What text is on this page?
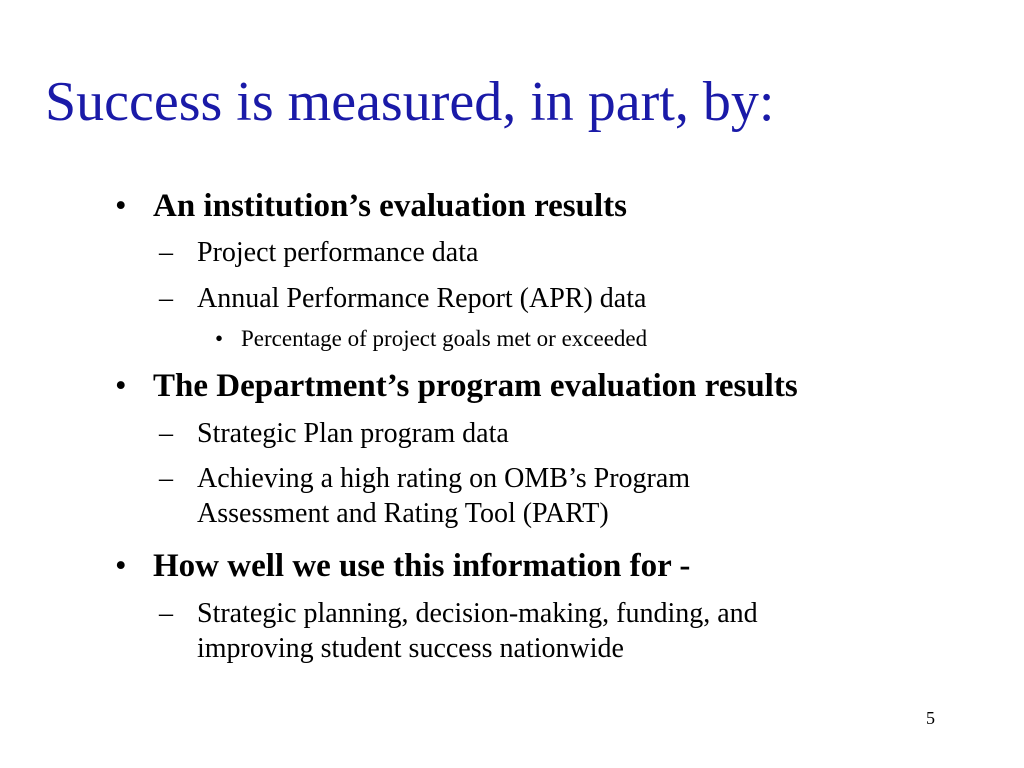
Success is measured, in part, by:
• An institution’s evaluation results
– Project performance data
– Annual Performance Report (APR) data
• Percentage of project goals met or exceeded
• The Department’s program evaluation results
– Strategic Plan program data
– Achieving a high rating on OMB’s Program
Assessment and Rating Tool (PART)
• How well we use this information for -
– Strategic planning, decision-making, funding, and
improving student success nationwide
5
